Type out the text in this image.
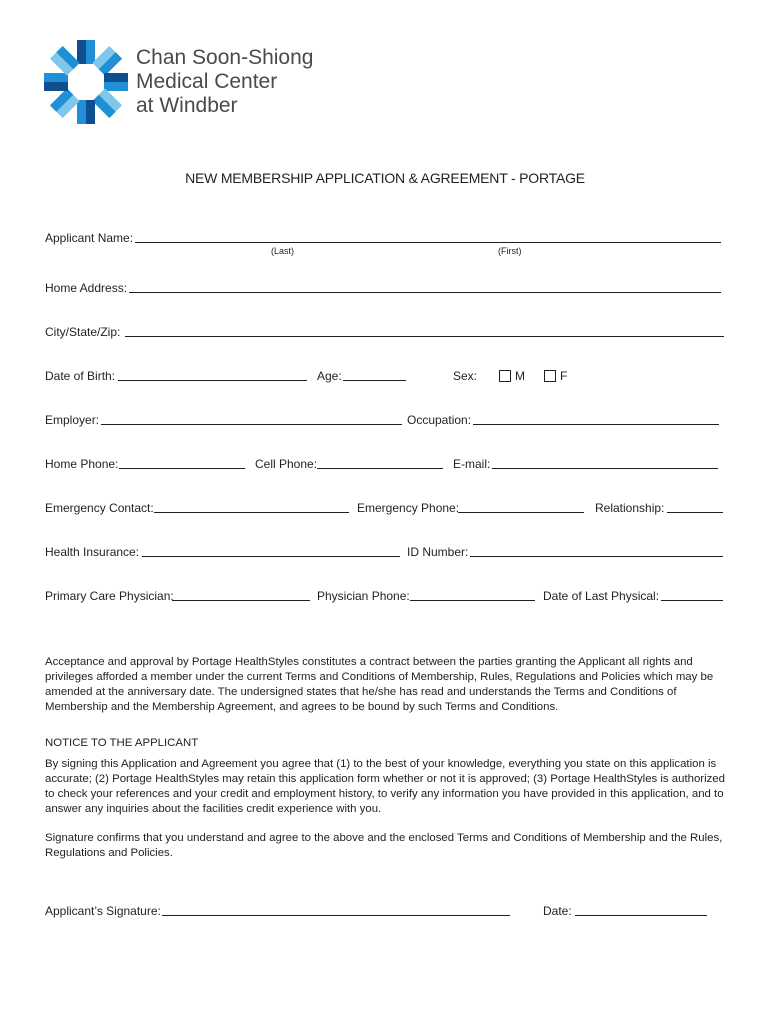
Chan Soon-Shiong
Medical Center
at Windber
NEW MEMBERSHIP APPLICATION & AGREEMENT - PORTAGE
Applicant Name:
(Last)	(First)
Home Address:
City/State/Zip:
Date of Birth:	Age:	Sex:	M	F
Employer:	Occupation:
Home Phone:	Cell Phone:	E-mail:
Emergency Contact:	Emergency Phone:	Relationship:
Health Insurance:	ID Number:
Primary Care Physician:	Physician Phone:	Date of Last Physical:

Acceptance and approval by Portage HealthStyles constitutes a contract between the parties granting the Applicant all rights and privileges afforded a member under the current Terms and Conditions of Membership, Rules, Regulations and Policies which may be amended at the anniversary date. The undersigned states that he/she has read and understands the Terms and Conditions of Membership and the Membership Agreement, and agrees to be bound by such Terms and Conditions.

NOTICE TO THE APPLICANT

By signing this Application and Agreement you agree that (1) to the best of your knowledge, everything you state on this application is accurate; (2) Portage HealthStyles may retain this application form whether or not it is approved; (3) Portage HealthStyles is authorized to check your references and your credit and employment history, to verify any information you have provided in this application, and to answer any inquiries about the facilities credit experience with you.

Signature confirms that you understand and agree to the above and the enclosed Terms and Conditions of Membership and the Rules, Regulations and Policies.

Applicant’s Signature:	Date:
